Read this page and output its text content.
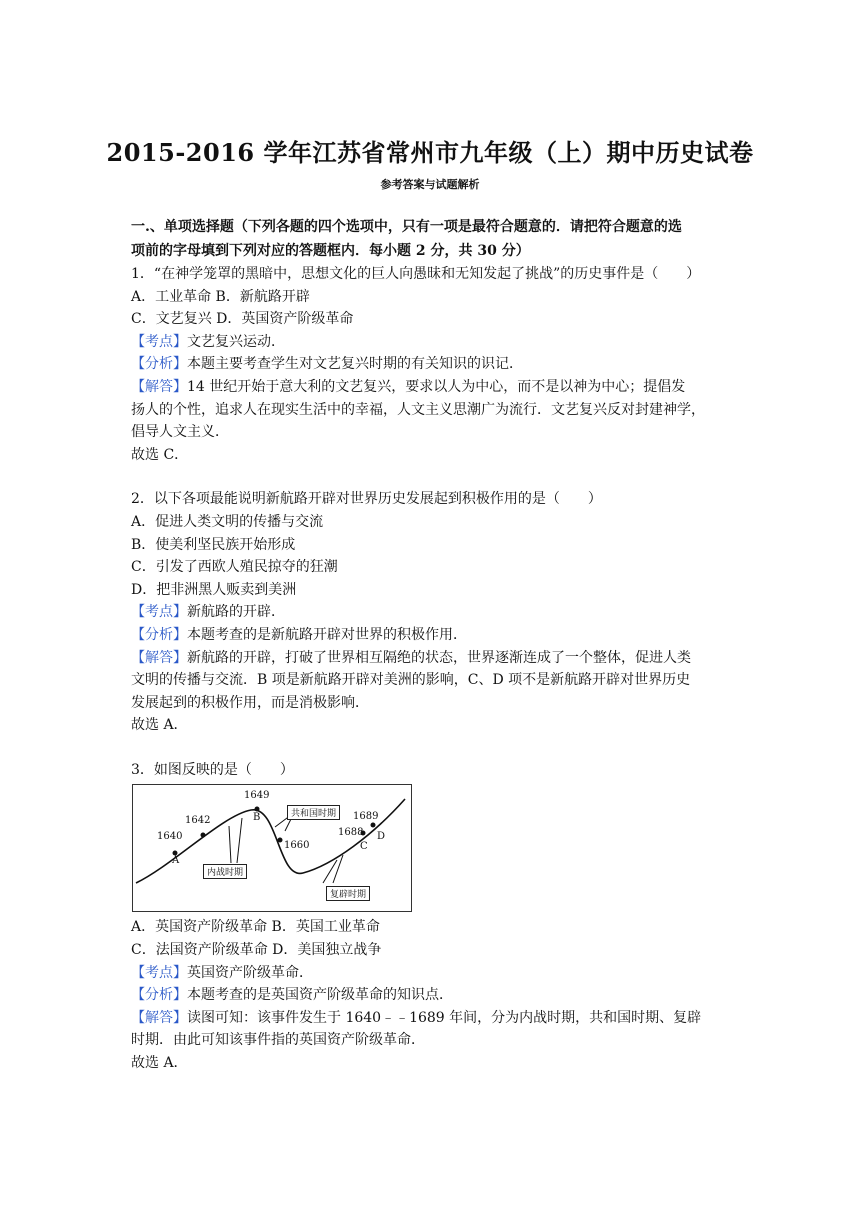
2015-2016 学年江苏省常州市九年级（上）期中历史试卷
参考答案与试题解析

一.、单项选择题（下列各题的四个选项中，只有一项是最符合题意的．请把符合题意的选

项前的字母填到下列对应的答题框内．每小题 2 分，共 30 分）

1．“在神学笼罩的黑暗中，思想文化的巨人向愚昧和无知发起了挑战”的历史事件是（　　）

A．工业革命 B．新航路开辟

C．文艺复兴 D．英国资产阶级革命

【考点】文艺复兴运动．

【分析】本题主要考查学生对文艺复兴时期的有关知识的识记．

【解答】14 世纪开始于意大利的文艺复兴，要求以人为中心，而不是以神为中心；提倡发

扬人的个性，追求人在现实生活中的幸福，人文主义思潮广为流行．文艺复兴反对封建神学，

倡导人文主义．

故选 C．

2．以下各项最能说明新航路开辟对世界历史发展起到积极作用的是（　　）

A．促进人类文明的传播与交流

B．使美利坚民族开始形成

C．引发了西欧人殖民掠夺的狂潮

D．把非洲黑人贩卖到美洲

【考点】新航路的开辟．

【分析】本题考查的是新航路开辟对世界的积极作用．

【解答】新航路的开辟，打破了世界相互隔绝的状态，世界逐渐连成了一个整体，促进人类

文明的传播与交流．B 项是新航路开辟对美洲的影响，C、D 项不是新航路开辟对世界历史

发展起到的积极作用，而是消极影响．

故选 A．

3．如图反映的是（　　）

1640
1642
1649
1660
1688
1689
A
B
C
D
共和国时期
内战时期
复辟时期

A．英国资产阶级革命 B．英国工业革命

C．法国资产阶级革命 D．美国独立战争

【考点】英国资产阶级革命．

【分析】本题考查的是英国资产阶级革命的知识点．

【解答】读图可知：该事件发生于 1640﹣﹣1689 年间，分为内战时期，共和国时期、复辟

时期．由此可知该事件指的英国资产阶级革命．

故选 A．
